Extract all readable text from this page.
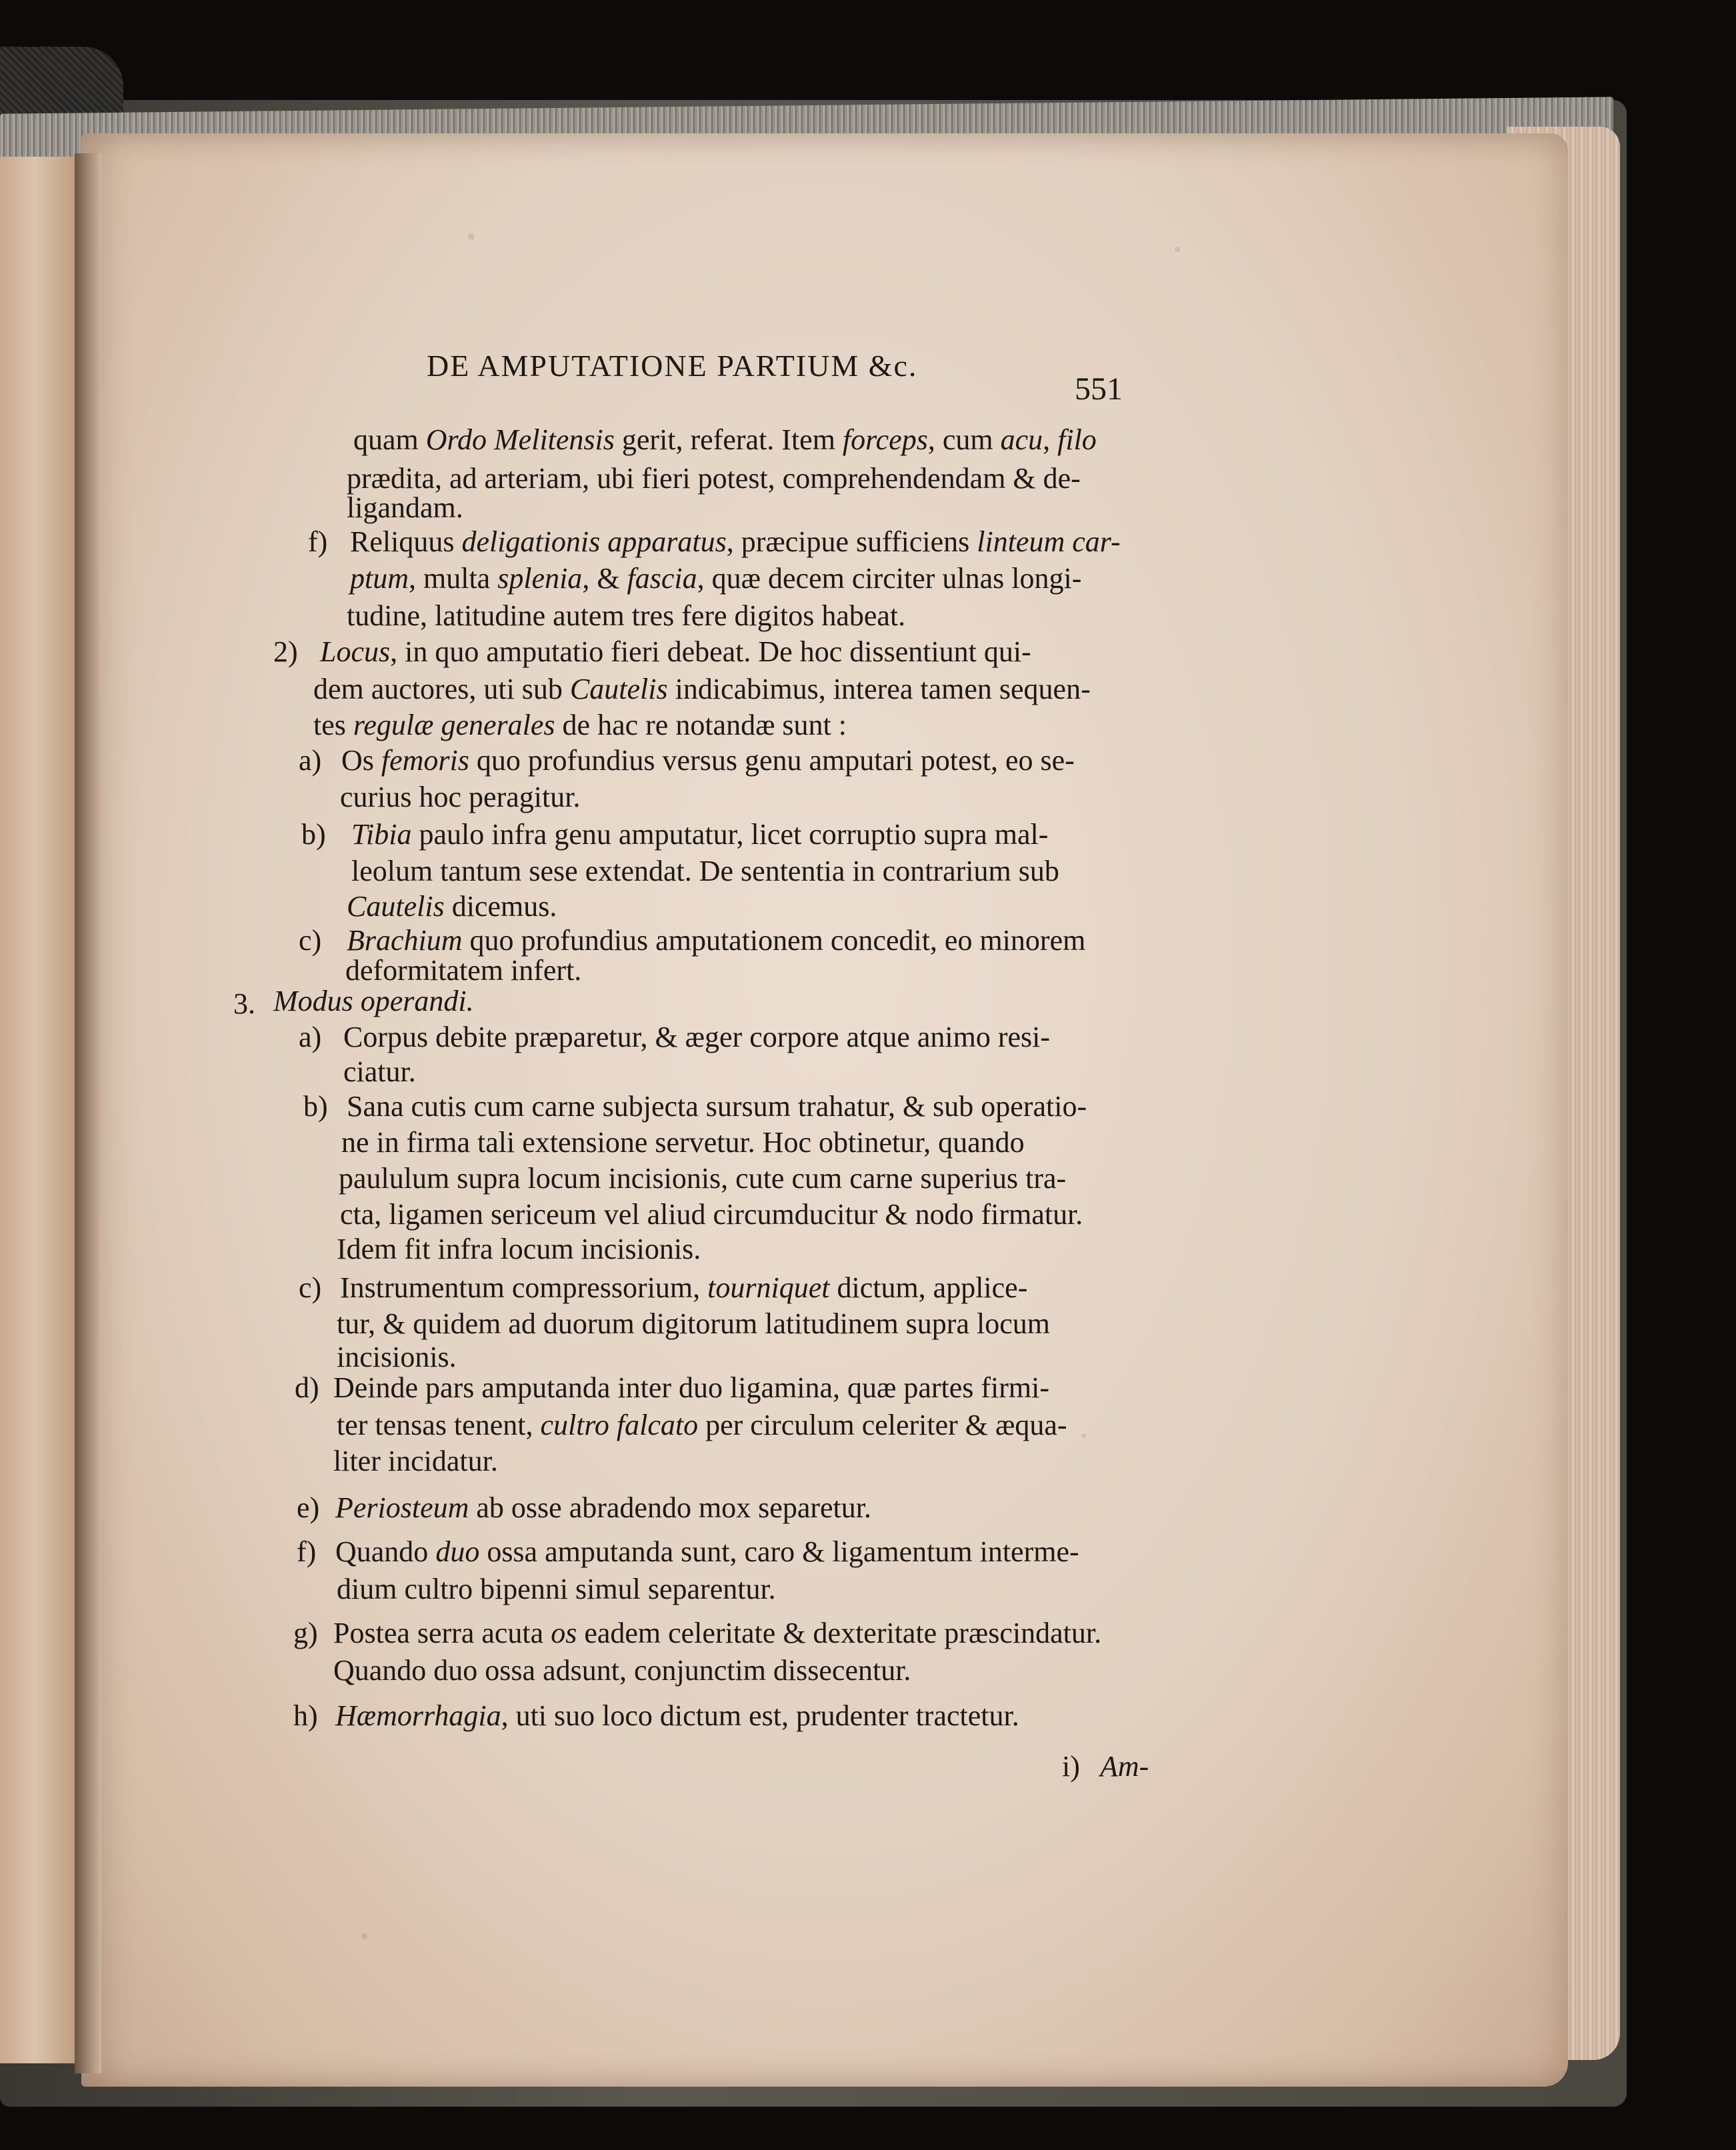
DE AMPUTATIONE PARTIUM &c.

551

quam Ordo Melitensis gerit, referat. Item forceps, cum acu, filo

prædita, ad arteriam, ubi fieri potest, comprehendendam & de-

ligandam.

f) Reliquus deligationis apparatus, præcipue sufficiens linteum car-

ptum, multa splenia, & fascia, quæ decem circiter ulnas longi-

tudine, latitudine autem tres fere digitos habeat.

2) Locus, in quo amputatio fieri debeat. De hoc dissentiunt qui-

dem auctores, uti sub Cautelis indicabimus, interea tamen sequen-

tes regulæ generales de hac re notandæ sunt :

a) Os femoris quo profundius versus genu amputari potest, eo se-

curius hoc peragitur.

b) Tibia paulo infra genu amputatur, licet corruptio supra mal-

leolum tantum sese extendat. De sententia in contrarium sub

Cautelis dicemus.

c) Brachium quo profundius amputationem concedit, eo minorem

deformitatem infert.

3. Modus operandi.

a) Corpus debite præparetur, & æger corpore atque animo resi-

ciatur.

b) Sana cutis cum carne subjecta sursum trahatur, & sub operatio-

ne in firma tali extensione servetur. Hoc obtinetur, quando

paululum supra locum incisionis, cute cum carne superius tra-

cta, ligamen sericeum vel aliud circumducitur & nodo firmatur.

Idem fit infra locum incisionis.

c) Instrumentum compressorium, tourniquet dictum, applice-

tur, & quidem ad duorum digitorum latitudinem supra locum

incisionis.

d) Deinde pars amputanda inter duo ligamina, quæ partes firmi-

ter tensas tenent, cultro falcato per circulum celeriter & æqua-

liter incidatur.

e) Periosteum ab osse abradendo mox separetur.

f) Quando duo ossa amputanda sunt, caro & ligamentum interme-

dium cultro bipenni simul separentur.

g) Postea serra acuta os eadem celeritate & dexteritate præscindatur.

Quando duo ossa adsunt, conjunctim dissecentur.

h) Hæmorrhagia, uti suo loco dictum est, prudenter tractetur.

i) Am-
